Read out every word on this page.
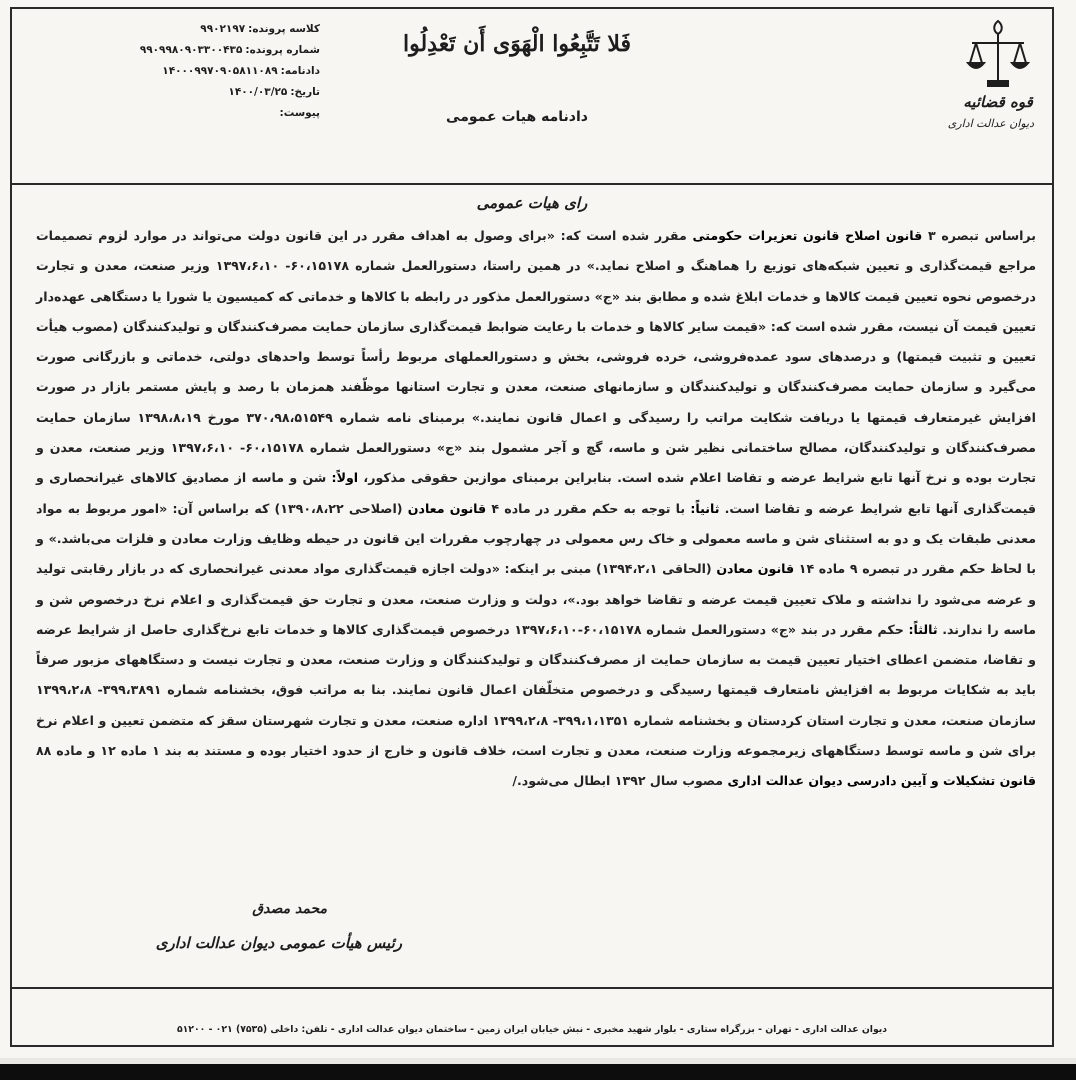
قوه قضائیه
دیوان عدالت اداری
فَلا تَتَّبِعُوا الْهَوَى أَن تَعْدِلُوا
دادنامه هیات عمومی
کلاسه پرونده:
۹۹۰۲۱۹۷
شماره پرونده:
۹۹۰۹۹۸۰۹۰۳۳۰۰۴۳۵
دادنامه:
۱۴۰۰۰۹۹۷۰۹۰۵۸۱۱۰۸۹
تاریخ:
۱۴۰۰/۰۳/۲۵
پیوست:
رای هیات عمومی
براساس تبصره ۳ قانون اصلاح قانون تعزیرات حکومتی مقرر شده است که: «برای وصول به اهداف مقرر در این قانون دولت می‌تواند در موارد لزوم تصمیمات مراجع قیمت‌گذاری و تعیین شبکه‌های توزیع را هماهنگ و اصلاح نماید.» در همین راستا، دستورالعمل شماره ۶۰،۱۵۱۷۸- ۱۳۹۷،۶،۱۰ وزیر صنعت، معدن و تجارت درخصوص نحوه تعیین قیمت کالاها و خدمات ابلاغ شده و مطابق بند «ج» دستورالعمل مذکور در رابطه با کالاها و خدماتی که کمیسیون یا شورا یا دستگاهی عهده‌دار تعیین قیمت آن نیست، مقرر شده است که: «قیمت سایر کالاها و خدمات با رعایت ضوابط قیمت‌گذاری سازمان حمایت مصرف‌کنندگان و تولیدکنندگان (مصوب هیأت تعیین و تثبیت قیمتها) و درصدهای سود عمده‌فروشی، خرده فروشی، بخش و دستورالعملهای مربوط رأساً توسط واحدهای دولتی، خدماتی و بازرگانی صورت می‌گیرد و سازمان حمایت مصرف‌کنندگان و تولیدکنندگان و سازمانهای صنعت، معدن و تجارت استانها موظّفند همزمان با رصد و پایش مستمر بازار در صورت افزایش غیرمتعارف قیمتها یا دریافت شکایت مراتب را رسیدگی و اعمال قانون نمایند.» برمبنای نامه شماره ۳۷۰،۹۸،۵۱۵۴۹ مورخ ۱۳۹۸،۸،۱۹ سازمان حمایت مصرف‌کنندگان و تولیدکنندگان، مصالح ساختمانی نظیر شن و ماسه، گچ و آجر مشمول بند «ج» دستورالعمل شماره ۶۰،۱۵۱۷۸- ۱۳۹۷،۶،۱۰ وزیر صنعت، معدن و تجارت بوده و نرخ آنها تابع شرایط عرضه و تقاضا اعلام شده است. بنابراین برمبنای موازین حقوقی مذکور، اولاً: شن و ماسه از مصادیق کالاهای غیرانحصاری و قیمت‌گذاری آنها تابع شرایط عرضه و تقاضا است. ثانیاً: با توجه به حکم مقرر در ماده ۴ قانون معادن (اصلاحی ۱۳۹۰،۸،۲۲) که براساس آن: «امور مربوط به مواد معدنی طبقات یک و دو به استثنای شن و ماسه معمولی و خاک رس معمولی در چهارچوب مقررات این قانون در حیطه وظایف وزارت معادن و فلزات می‌باشد.» و با لحاظ حکم مقرر در تبصره ۹ ماده ۱۴ قانون معادن (الحاقی ۱۳۹۴،۲،۱) مبنی بر اینکه: «دولت اجازه قیمت‌گذاری مواد معدنی غیرانحصاری که در بازار رقابتی تولید و عرضه می‌شود را نداشته و ملاک تعیین قیمت عرضه و تقاضا خواهد بود.»، دولت و وزارت صنعت، معدن و تجارت حق قیمت‌گذاری و اعلام نرخ درخصوص شن و ماسه را ندارند. ثالثاً: حکم مقرر در بند «ج» دستورالعمل شماره ۶۰،۱۵۱۷۸-۱۳۹۷،۶،۱۰ درخصوص قیمت‌گذاری کالاها و خدمات تابع نرخ‌گذاری حاصل از شرایط عرضه و تقاضا، متضمن اعطای اختیار تعیین قیمت به سازمان حمایت از مصرف‌کنندگان و تولیدکنندگان و وزارت صنعت، معدن و تجارت نیست و دستگاههای مزبور صرفاً باید به شکایات مربوط به افزایش نامتعارف قیمتها رسیدگی و درخصوص متخلّفان اعمال قانون نمایند. بنا به مراتب فوق، بخشنامه شماره ۳۹۹،۳۸۹۱- ۱۳۹۹،۲،۸ سازمان صنعت، معدن و تجارت استان کردستان و بخشنامه شماره ۳۹۹،۱،۱۳۵۱- ۱۳۹۹،۲،۸ اداره صنعت، معدن و تجارت شهرستان سقز که متضمن تعیین و اعلام نرخ برای شن و ماسه توسط دستگاههای زیرمجموعه وزارت صنعت، معدن و تجارت است، خلاف قانون و خارج از حدود اختیار بوده و مستند به بند ۱ ماده ۱۲ و ماده ۸۸ قانون تشکیلات و آیین دادرسی دیوان عدالت اداری مصوب سال ۱۳۹۲ ابطال می‌شود./
محمد مصدق
رئیس هیأت عمومی دیوان عدالت اداری
دیوان عدالت اداری - تهران - بزرگراه ستاری - بلوار شهید مخبری - نبش خیابان ایران زمین - ساختمان دیوان عدالت اداری - تلفن: داخلی (۷۵۳۵) ۰۲۱ - ۵۱۲۰۰
